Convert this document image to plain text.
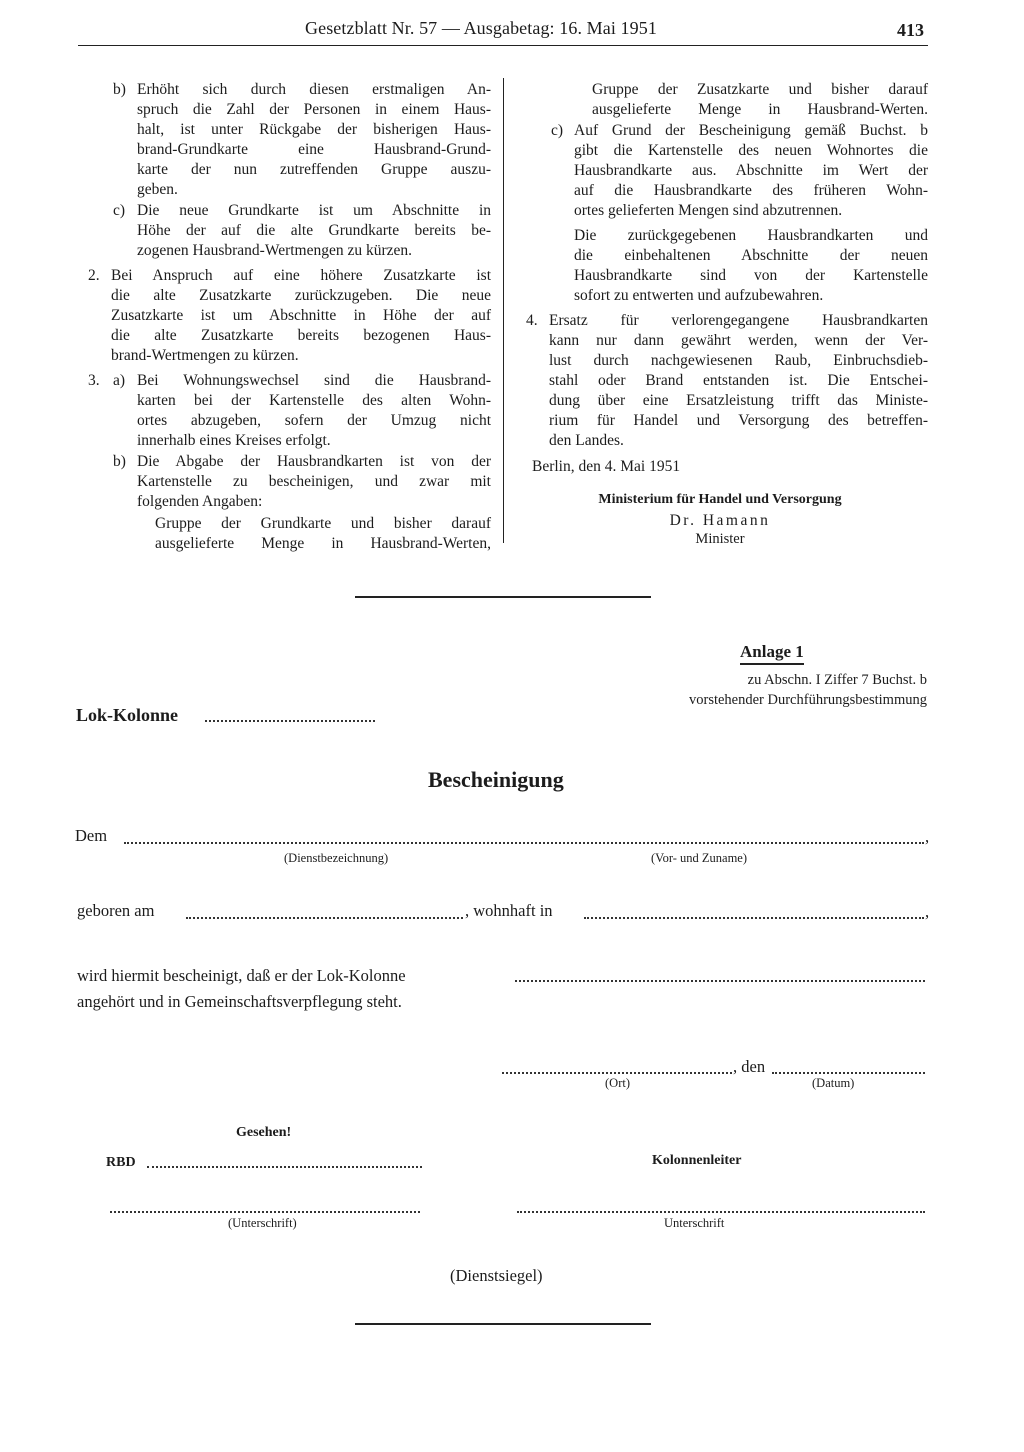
Gesetzblatt Nr. 57 — Ausgabetag: 16. Mai 1951	413
b) Erhöht sich durch diesen erstmaligen An-
spruch die Zahl der Personen in einem Haus-
halt, ist unter Rückgabe der bisherigen Haus-
brand-Grundkarte eine Hausbrand-Grund-
karte der nun zutreffenden Gruppe auszu-
geben.
c) Die neue Grundkarte ist um Abschnitte in
Höhe der auf die alte Grundkarte bereits be-
zogenen Hausbrand-Wertmengen zu kürzen.
2. Bei Anspruch auf eine höhere Zusatzkarte ist
die alte Zusatzkarte zurückzugeben. Die neue
Zusatzkarte ist um Abschnitte in Höhe der auf
die alte Zusatzkarte bereits bezogenen Haus-
brand-Wertmengen zu kürzen.
3. a) Bei Wohnungswechsel sind die Hausbrand-
karten bei der Kartenstelle des alten Wohn-
ortes abzugeben, sofern der Umzug nicht
innerhalb eines Kreises erfolgt.
b) Die Abgabe der Hausbrandkarten ist von der
Kartenstelle zu bescheinigen, und zwar mit
folgenden Angaben:
Gruppe der Grundkarte und bisher darauf
ausgelieferte Menge in Hausbrand-Werten,
Gruppe der Zusatzkarte und bisher darauf
ausgelieferte Menge in Hausbrand-Werten.
c) Auf Grund der Bescheinigung gemäß Buchst. b
gibt die Kartenstelle des neuen Wohnortes die
Hausbrandkarte aus. Abschnitte im Wert der
auf die Hausbrandkarte des früheren Wohn-
ortes gelieferten Mengen sind abzutrennen.
Die zurückgegebenen Hausbrandkarten und
die einbehaltenen Abschnitte der neuen
Hausbrandkarte sind von der Kartenstelle
sofort zu entwerten und aufzubewahren.
4. Ersatz für verlorengegangene Hausbrandkarten
kann nur dann gewährt werden, wenn der Ver-
lust durch nachgewiesenen Raub, Einbruchsdieb-
stahl oder Brand entstanden ist. Die Entschei-
dung über eine Ersatzleistung trifft das Ministe-
rium für Handel und Versorgung des betreffen-
den Landes.
Berlin, den 4. Mai 1951
Ministerium für Handel und Versorgung
Dr. Hamann
Minister
Anlage 1
zu Abschn. I Ziffer 7 Buchst. b
vorstehender Durchführungsbestimmung
Lok-Kolonne
Bescheinigung
Dem	,
(Dienstbezeichnung)	(Vor- und Zuname)
geboren am	, wohnhaft in	,
wird hiermit bescheinigt, daß er der Lok-Kolonne
angehört und in Gemeinschaftsverpflegung steht.
, den
(Ort)	(Datum)
Gesehen!
RBD	Kolonnenleiter
(Unterschrift)	Unterschrift
(Dienstsiegel)
